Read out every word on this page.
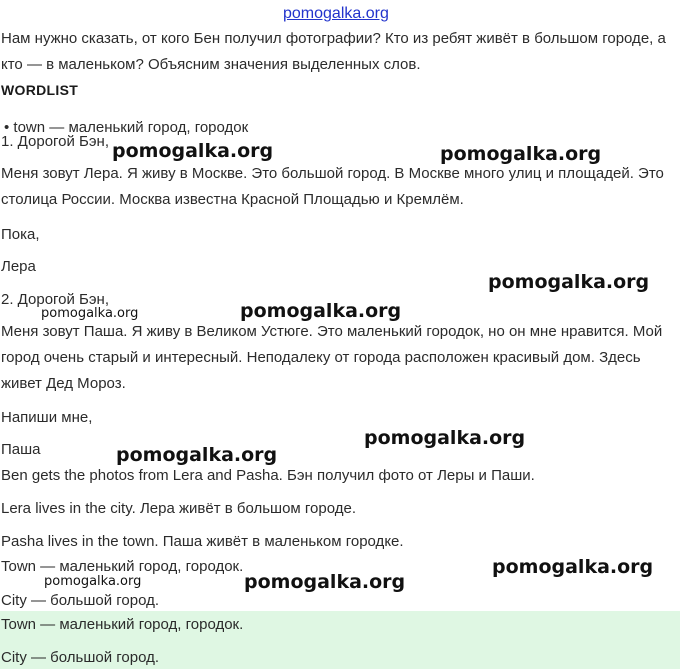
pomogalka.org
Нам нужно сказать, от кого Бен получил фотографии? Кто из ребят живёт в большом городе, а кто — в маленьком? Объясним значения выделенных слов.
WORDLIST
• town — маленький город, городок
1. Дорогой Бэн,
Меня зовут Лера. Я живу в Москве. Это большой город. В Москве много улиц и площадей. Это столица России. Москва известна Красной Площадью и Кремлём.
Пока,
Лера
2. Дорогой Бэн,
Меня зовут Паша. Я живу в Великом Устюге. Это маленький городок, но он мне нравится. Мой город очень старый и интересный. Неподалеку от города расположен красивый дом. Здесь живет Дед Мороз.
Напиши мне,
Паша
Ben gets the photos from Lera and Pasha. Бэн получил фото от Леры и Паши.
Lera lives in the city. Лера живёт в большом городе.
Pasha lives in the town. Паша живёт в маленьком городке.
Town — маленький город, городок.
City — большой город.
Town — маленький город, городок.
City — большой город.
pomogalka.org	pomogalka.org
pomogalka.org
pomogalka.org	pomogalka.org
pomogalka.org
pomogalka.org
pomogalka.org
pomogalka.org	pomogalka.org
